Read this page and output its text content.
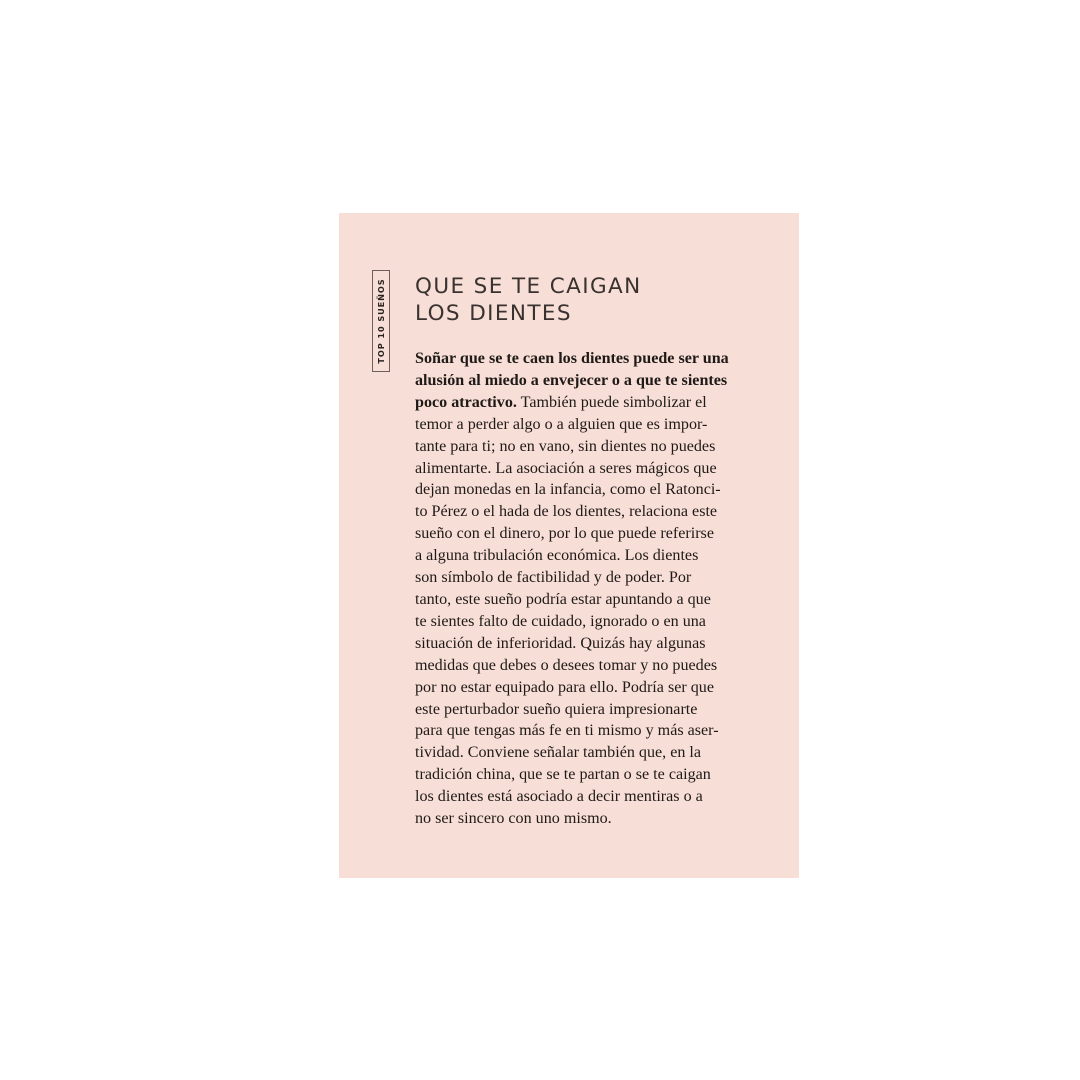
TOP 10 SUEÑOS QUE SE TE CAIGAN
LOS DIENTES
Soñar que se te caen los dientes puede ser una
alusión al miedo a envejecer o a que te sientes
poco atractivo. También puede simbolizar el
temor a perder algo o a alguien que es impor-
tante para ti; no en vano, sin dientes no puedes
alimentarte. La asociación a seres mágicos que
dejan monedas en la infancia, como el Ratonci-
to Pérez o el hada de los dientes, relaciona este
sueño con el dinero, por lo que puede referirse
a alguna tribulación económica. Los dientes
son símbolo de factibilidad y de poder. Por
tanto, este sueño podría estar apuntando a que
te sientes falto de cuidado, ignorado o en una
situación de inferioridad. Quizás hay algunas
medidas que debes o desees tomar y no puedes
por no estar equipado para ello. Podría ser que
este perturbador sueño quiera impresionarte
para que tengas más fe en ti mismo y más aser-
tividad. Conviene señalar también que, en la
tradición china, que se te partan o se te caigan
los dientes está asociado a decir mentiras o a
no ser sincero con uno mismo.
